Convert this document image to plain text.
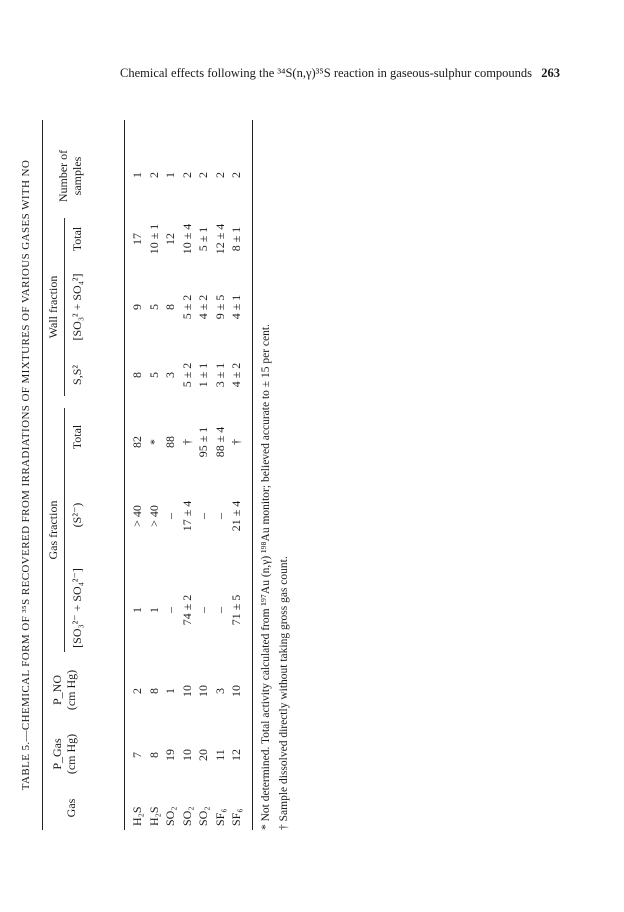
Chemical effects following the ³⁴S(n,γ)³⁵S reaction in gaseous-sulphur compounds 263
TABLE 5.—CHEMICAL FORM OF ³⁵S RECOVERED FROM IRRADIATIONS OF MIXTURES OF VARIOUS GASES WITH NO
Gas
P_Gas (cm Hg)
P_NO (cm Hg)
Gas fraction
[SO₃²⁻ + SO₄²⁻]
(S²⁻)
Total
Wall fraction
S,S²
[SO₃² + SO₄²]
Total
Number of samples
H₂S
7
2
1
> 40
82
8
9
17
1
H₂S
8
8
1
> 40
*
5
5
10 ± 1
2
SO₂
19
1
–
–
88
3
8
12
1
SO₂
10
10
74 ± 2
17 ± 4
†
5 ± 2
5 ± 2
10 ± 4
2
SO₂
20
10
–
–
95 ± 1
1 ± 1
4 ± 2
5 ± 1
2
SF₆
11
3
–
–
88 ± 4
3 ± 1
9 ± 5
12 ± 4
2
SF₆
12
10
71 ± 5
21 ± 4
†
4 ± 2
4 ± 1
8 ± 1
2
* Not determined. Total activity calculated from ¹⁹⁷Au (n,γ) ¹⁹⁸Au monitor; believed accurate to ± 15 per cent. † Sample dissolved directly without taking gross gas count.
